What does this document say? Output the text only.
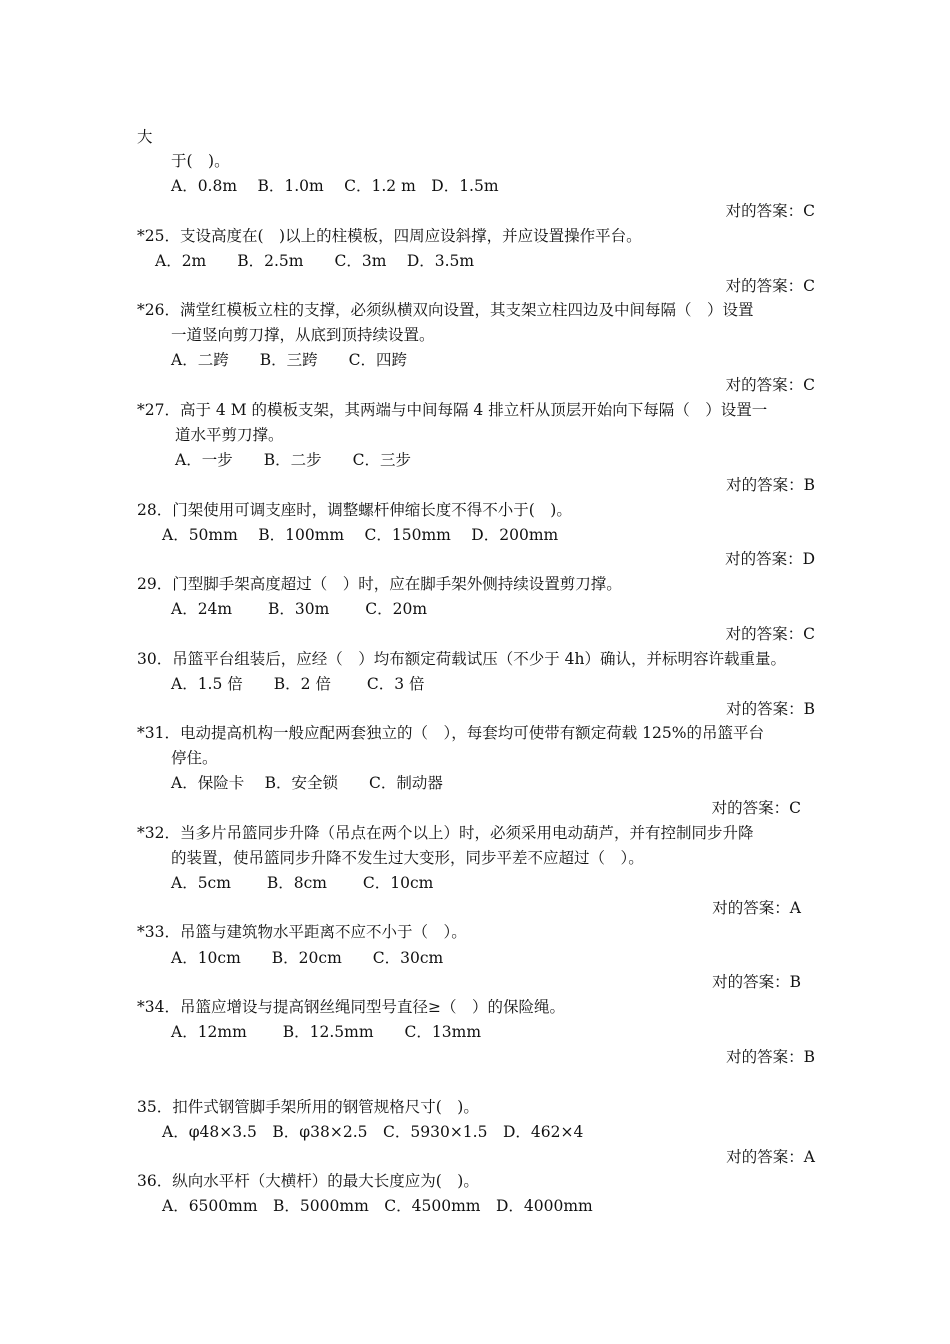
大
于(　)。
A．0.8m　 B．1.0m　 C．1.2 m　D．1.5m
对的答案：C
*25．支设高度在(　)以上的柱模板，四周应设斜撑，并应设置操作平台。
A．2m　　B．2.5m　　C．3m　 D．3.5m
对的答案：C
*26．满堂红模板立柱的支撑，必须纵横双向设置，其支架立柱四边及中间每隔（　）设置
一道竖向剪刀撑，从底到顶持续设置。
A．二跨　　B．三跨　　C．四跨
对的答案：C
*27．高于 4 M 的模板支架，其两端与中间每隔 4 排立杆从顶层开始向下每隔（　）设置一
道水平剪刀撑。
A．一步　　B．二步　　C．三步
对的答案：B
28．门架使用可调支座时，调整螺杆伸缩长度不得不小于(　)。
A．50mm　 B．100mm　 C．150mm　 D．200mm
对的答案：D
29．门型脚手架高度超过（　）时，应在脚手架外侧持续设置剪刀撑。
A．24m　　 B．30m　　 C．20m
对的答案：C
30．吊篮平台组装后，应经（　）均布额定荷载试压（不少于 4h）确认，并标明容许载重量。
A．1.5 倍　　B．2 倍　　 C．3 倍
对的答案：B
*31．电动提高机构一般应配两套独立的（　），每套均可使带有额定荷载 125%的吊篮平台
停住。
A．保险卡　 B．安全锁　　C．制动器
对的答案：C
*32．当多片吊篮同步升降（吊点在两个以上）时，必须采用电动葫芦，并有控制同步升降
的装置，使吊篮同步升降不发生过大变形，同步平差不应超过（　）。
A．5cm　　 B．8cm　　 C．10cm
对的答案：A
*33．吊篮与建筑物水平距离不应不小于（　）。
A．10cm　　B．20cm　　C．30cm
对的答案：B
*34．吊篮应增设与提高钢丝绳同型号直径≥（　）的保险绳。
A．12mm　　 B．12.5mm　　C．13mm
对的答案：B
35．扣件式钢管脚手架所用的钢管规格尺寸(　)。
A．φ48×3.5　B．φ38×2.5　C．5930×1.5　D．462×4
对的答案：A
36．纵向水平杆（大横杆）的最大长度应为(　)。
A．6500mm　B．5000mm　C．4500mm　D．4000mm
